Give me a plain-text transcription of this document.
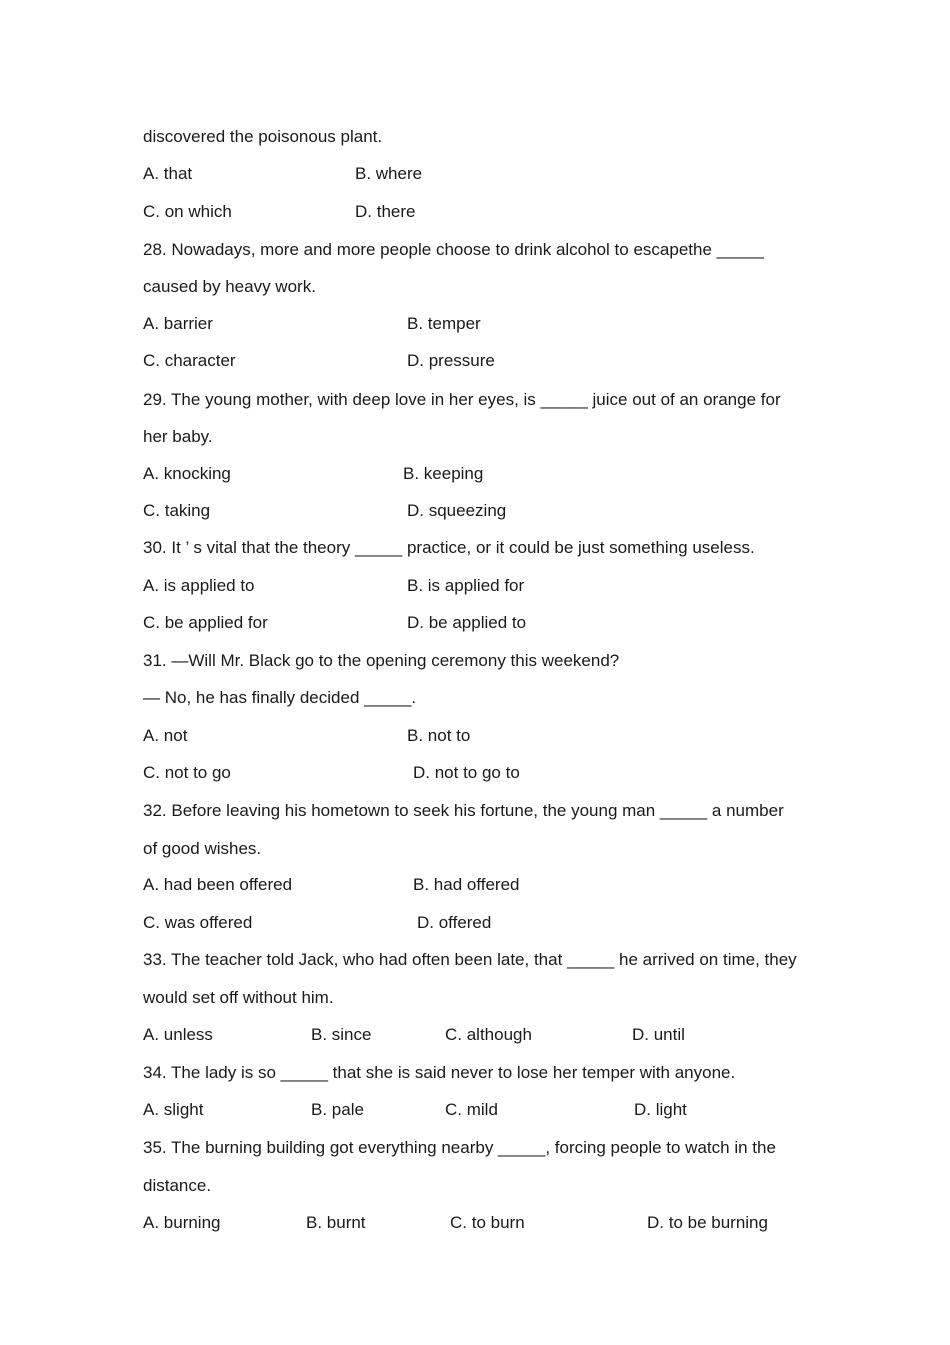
discovered the poisonous plant.
A. that	B. where
C. on which	D. there
28. Nowadays, more and more people choose to drink alcohol to escapethe _____
caused by heavy work.
A. barrier	B. temper
C. character	D. pressure
29. The young mother, with deep love in her eyes, is _____ juice out of an orange for
her baby.
A. knocking	B. keeping
C. taking	D. squeezing
30. It ’ s vital that the theory _____ practice, or it could be just something useless.
A. is applied to	B. is applied for
C. be applied for	D. be applied to
31. —Will Mr. Black go to the opening ceremony this weekend?
— No, he has finally decided _____.
A. not	B. not to
C. not to go	D. not to go to
32. Before leaving his hometown to seek his fortune, the young man _____ a number
of good wishes.
A. had been offered	B. had offered
C. was offered	D. offered
33. The teacher told Jack, who had often been late, that _____ he arrived on time, they
would set off without him.
A. unless	B. since	C. although	D. until
34. The lady is so _____ that she is said never to lose her temper with anyone.
A. slight	B. pale	C. mild	D. light
35. The burning building got everything nearby _____, forcing people to watch in the
distance.
A. burning	B. burnt	C. to burn	D. to be burning
